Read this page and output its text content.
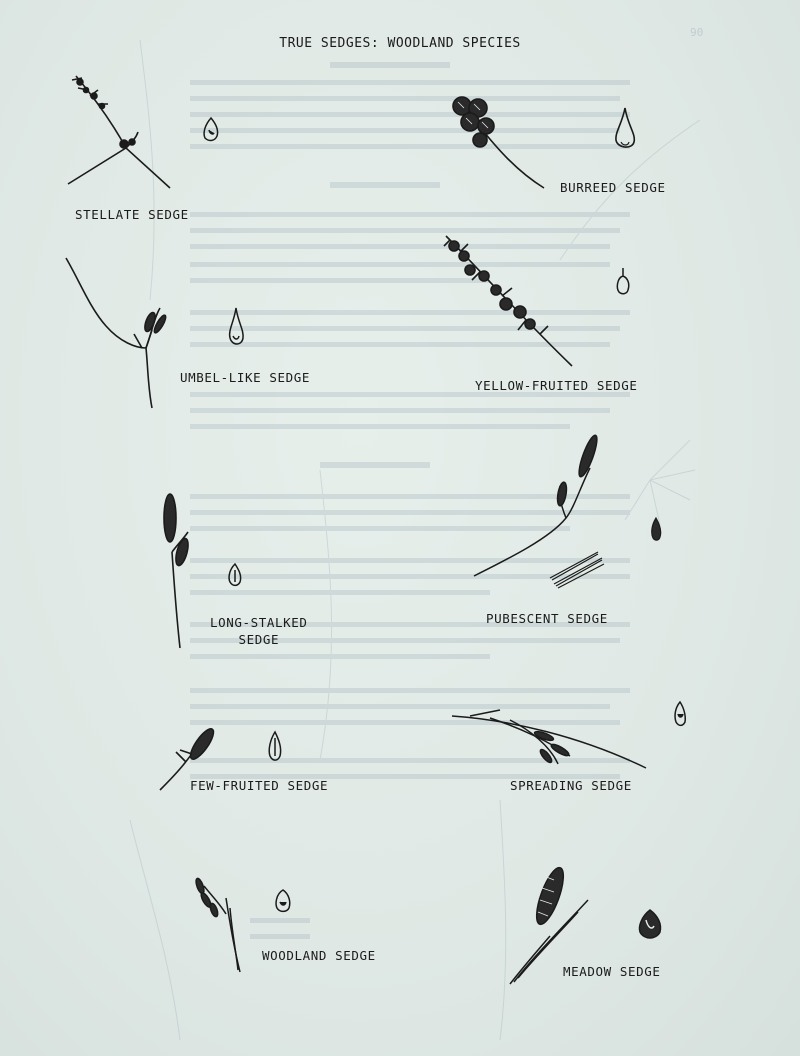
90
TRUE SEDGES: WOODLAND SPECIES
STELLATE SEDGE
BURREED SEDGE
UMBEL-LIKE SEDGE
YELLOW-FRUITED SEDGE
LONG-STALKED
SEDGE
PUBESCENT SEDGE
FEW-FRUITED SEDGE	SPREADING SEDGE
WOODLAND SEDGE
MEADOW SEDGE
